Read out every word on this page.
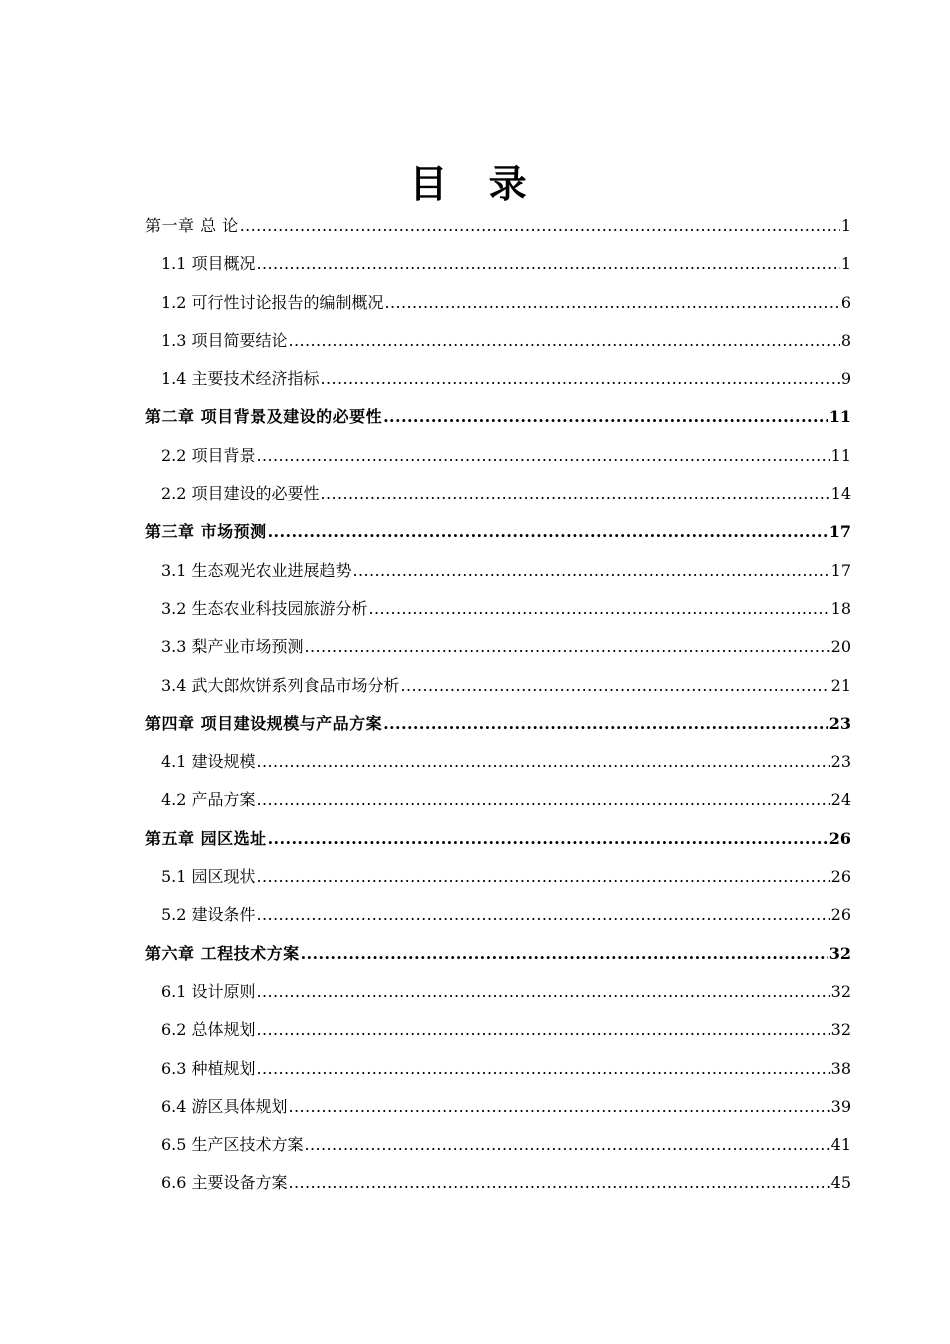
目 录
第一章 总 论 .....	1
1.1 项目概况 .....	1
1.2 可行性讨论报告的编制概况 .....	6
1.3 项目简要结论 .....	8
1.4 主要技术经济指标 .....	9
第二章 项目背景及建设的必要性 .....	11
2.2 项目背景 .....	11
2.2 项目建设的必要性 .....	14
第三章 市场预测 .....	17
3.1 生态观光农业进展趋势 .....	17
3.2 生态农业科技园旅游分析 .....	18
3.3 梨产业市场预测 .....	20
3.4 武大郎炊饼系列食品市场分析 .....	21
第四章 项目建设规模与产品方案 .....	23
4.1 建设规模 .....	23
4.2 产品方案 .....	24
第五章 园区选址 .....	26
5.1 园区现状 .....	26
5.2 建设条件 .....	26
第六章 工程技术方案 .....	32
6.1 设计原则 .....	32
6.2 总体规划 .....	32
6.3 种植规划 .....	38
6.4 游区具体规划 .....	39
6.5 生产区技术方案 .....	41
6.6 主要设备方案 .....	45
